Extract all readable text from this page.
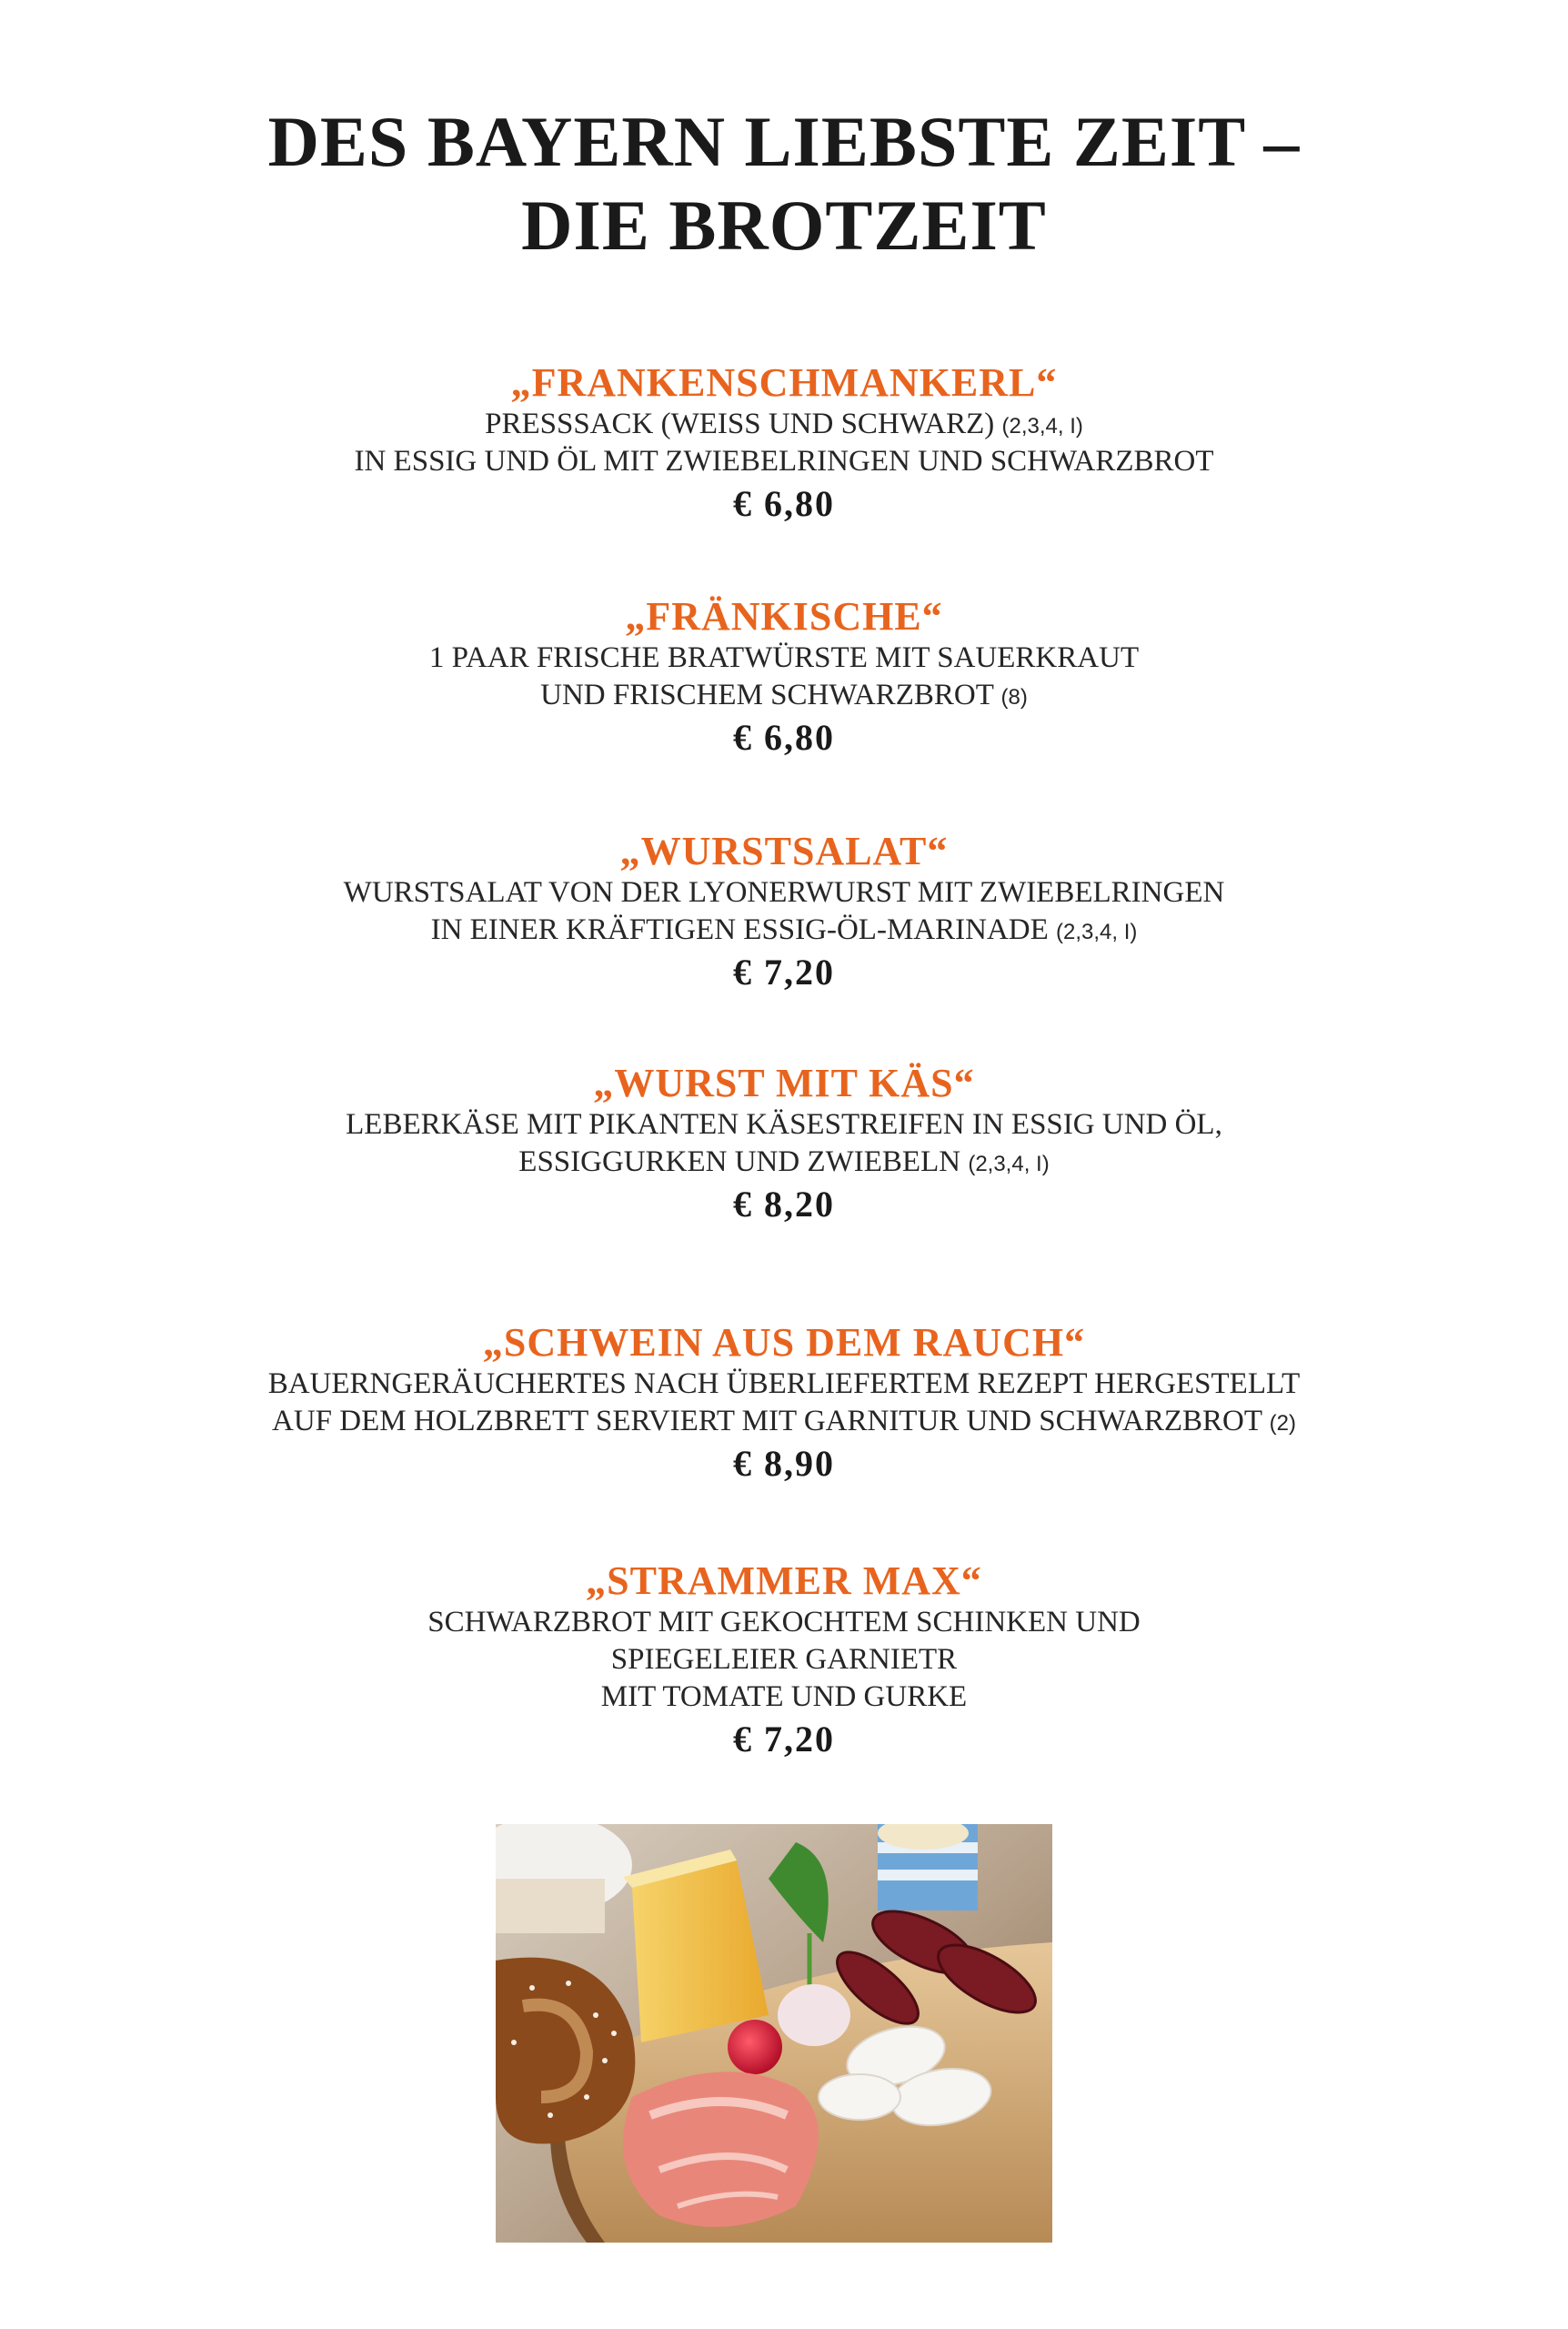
DES BAYERN LIEBSTE ZEIT –
DIE BROTZEIT
„FRANKENSCHMANKERL“
PRESSSACK (WEISS UND SCHWARZ) (2,3,4, I)
IN ESSIG UND ÖL MIT ZWIEBELRINGEN UND SCHWARZBROT
€ 6,80
„FRÄNKISCHE“
1 PAAR FRISCHE BRATWÜRSTE MIT SAUERKRAUT
UND FRISCHEM SCHWARZBROT (8)
€ 6,80
„WURSTSALAT“
WURSTSALAT VON DER LYONERWURST MIT ZWIEBELRINGEN
IN EINER KRÄFTIGEN ESSIG-ÖL-MARINADE (2,3,4, I)
€ 7,20
„WURST MIT KÄS“
LEBERKÄSE MIT PIKANTEN KÄSESTREIFEN IN ESSIG UND ÖL,
ESSIGGURKEN UND ZWIEBELN (2,3,4, I)
€ 8,20
„SCHWEIN AUS DEM RAUCH“
BAUERNGERÄUCHERTES NACH ÜBERLIEFERTEM REZEPT HERGESTELLT
AUF DEM HOLZBRETT SERVIERT MIT GARNITUR UND SCHWARZBROT (2)
€ 8,90
„STRAMMER MAX“
SCHWARZBROT MIT GEKOCHTEM SCHINKEN UND
SPIEGELEIER GARNIETR
MIT TOMATE UND GURKE
€ 7,20
